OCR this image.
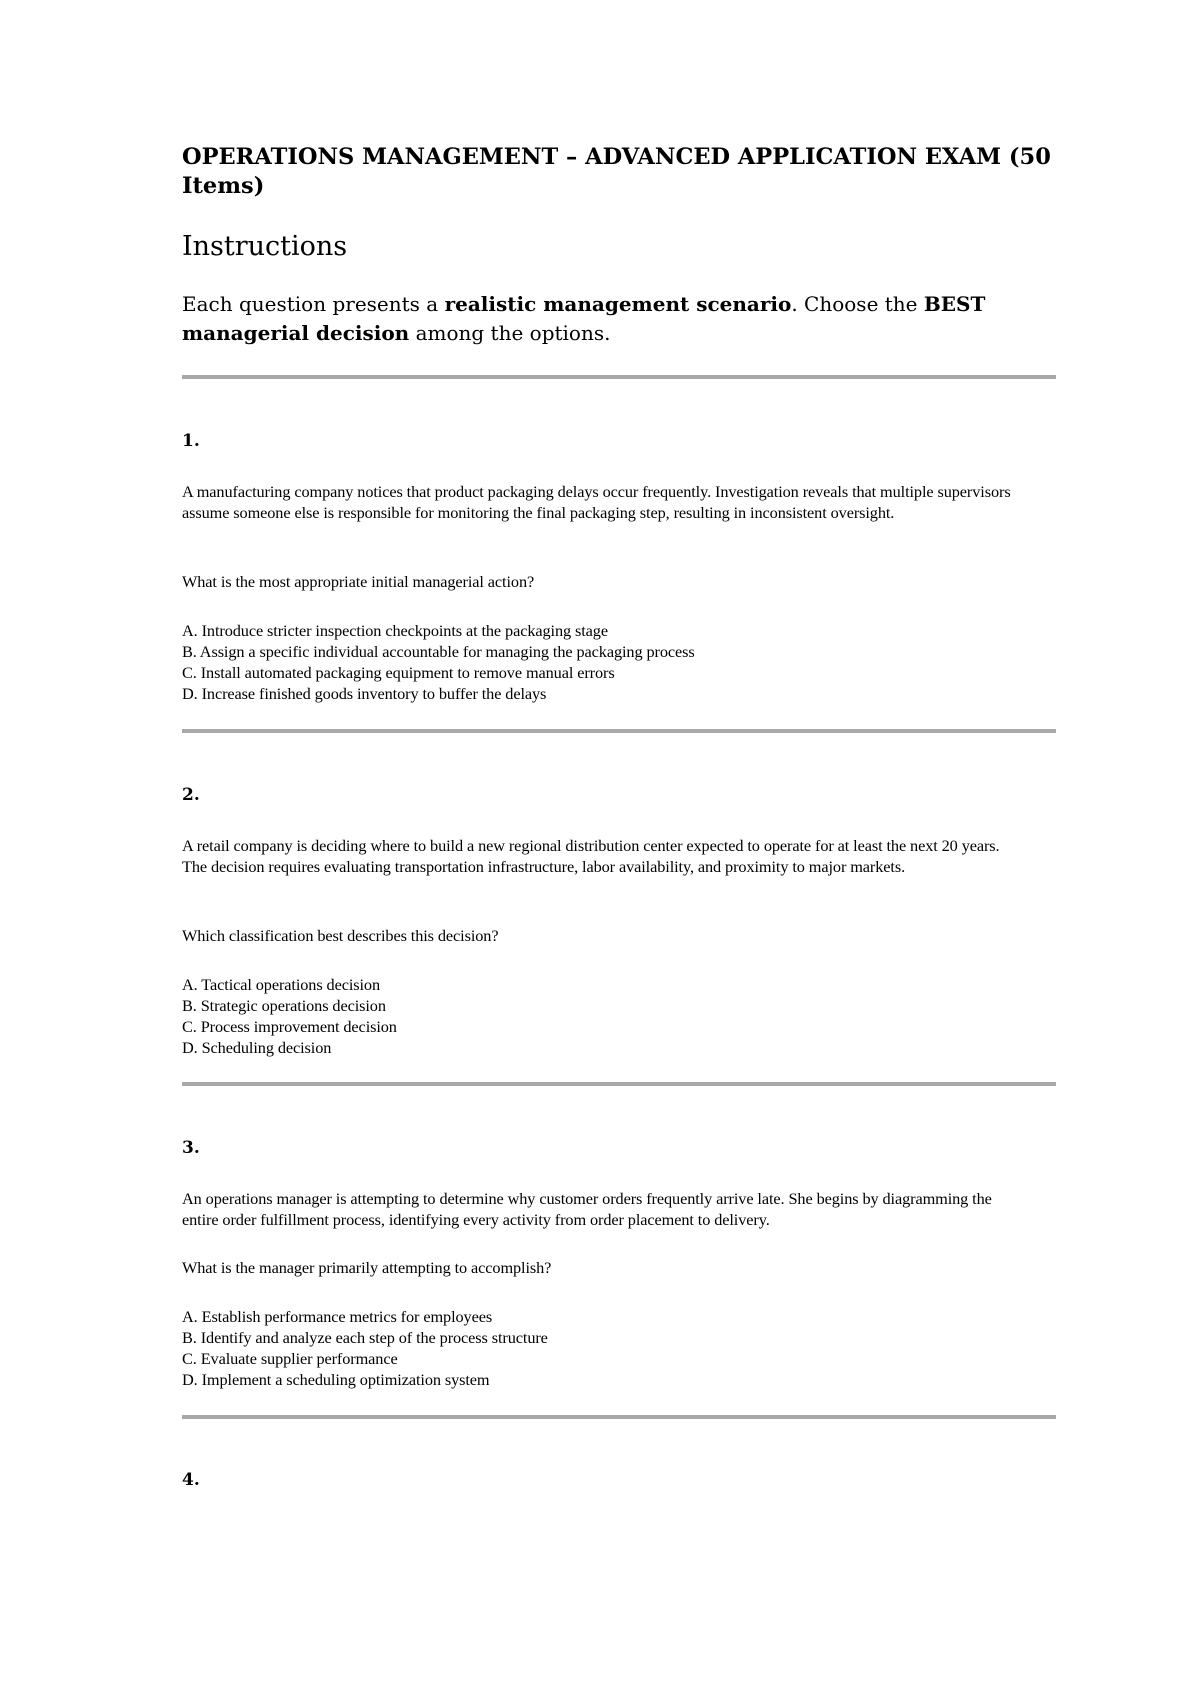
OPERATIONS MANAGEMENT – ADVANCED APPLICATION EXAM (50 Items)
Instructions

Each question presents a realistic management scenario. Choose the BEST managerial decision among the options.

1.

A manufacturing company notices that product packaging delays occur frequently. Investigation reveals that multiple supervisors assume someone else is responsible for monitoring the final packaging step, resulting in inconsistent oversight.

What is the most appropriate initial managerial action?

A. Introduce stricter inspection checkpoints at the packaging stage
B. Assign a specific individual accountable for managing the packaging process
C. Install automated packaging equipment to remove manual errors
D. Increase finished goods inventory to buffer the delays

2.

A retail company is deciding where to build a new regional distribution center expected to operate for at least the next 20 years. The decision requires evaluating transportation infrastructure, labor availability, and proximity to major markets.

Which classification best describes this decision?

A. Tactical operations decision
B. Strategic operations decision
C. Process improvement decision
D. Scheduling decision

3.

An operations manager is attempting to determine why customer orders frequently arrive late. She begins by diagramming the entire order fulfillment process, identifying every activity from order placement to delivery.

What is the manager primarily attempting to accomplish?

A. Establish performance metrics for employees
B. Identify and analyze each step of the process structure
C. Evaluate supplier performance
D. Implement a scheduling optimization system

4.
